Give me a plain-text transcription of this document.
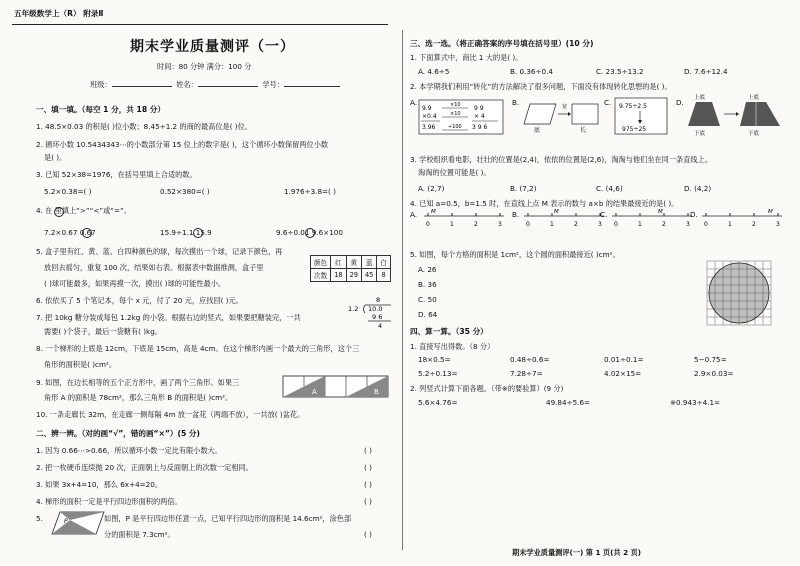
五年级数学上（R） 附录Ⅱ
期末学业质量测评（一）
时间：80 分钟 满分：100 分
班级：	姓名：	学号：
一、填一填。（每空 1 分，共 18 分）
1. 48.5×0.03 的积是( )位小数；8.45÷1.2 的商的最高位是( )位。
2. 循环小数 10.5434343⋯的小数部分第 15 位上的数字是( )，这个循环小数保留两位小数
是( )。
3. 已知 52×38=1976，在括号里填上合适的数。
5.2×0.38=( )	0.52×380=( )	1.976÷3.8=( )
4. 在 里填上“>”“<”或“=”。
7.2×0.67 0.67	15.9÷1.1 15.9	9.6÷0.01 9.6×100
5. 盒子里有红、黄、蓝、白四种颜色的球，每次摸出一个球，记录下颜色，再
放回去摇匀，重复 100 次，结果如右表。根据表中数据推测，盒子里
( )球可能最多，如果再摸一次，摸出( )球的可能性最小。
颜色	红	黄	蓝	白
次数	18	29	45	8
6. 依依买了 5 个笔记本，每个 x 元，付了 20 元，应找回( )元。
7. 把 10kg 糖分装成每包 1.2kg 的小袋。根据右边的竖式，如果要把糖装完，一共
需要( )个袋子，最后一袋糖有( )kg。
8
1.2 10.0
9 6
4
8. 一个梯形的上底是 12cm，下底是 15cm，高是 4cm。在这个梯形内画一个最大的三角形，这个三
角形的面积是( )cm²。
9. 如图，在边长相等的五个正方形中，画了两个三角形。如果三
角形 A 的面积是 78cm²，那么三角形 B 的面积是( )cm²。
A	B
10. 一条走廊长 32m，在走廊一侧每隔 4m 放一盆花（两端不放），一共放( )盆花。
二、辨一辨。（对的画“√”，错的画“×”）(5 分)
1. 因为 0.66⋯>0.66，所以循环小数一定比有限小数大。	( )
2. 把一枚硬币连续抛 20 次，正面朝上与反面朝上的次数一定相同。	( )
3. 如果 3x+4=10，那么 6x+4=20。	( )
4. 梯形的面积一定是平行四边形面积的两倍。	( )
5.	P	如图，P 是平行四边形任意一点，已知平行四边形的面积是 14.6cm²，涂色部
分的面积是 7.3cm²。	( )
三、选一选。（将正确答案的序号填在括号里）(10 分)
1. 下面算式中，商比 1 大的是( )。
A. 4.6÷5	B. 0.36÷0.4	C. 23.5÷13.2	D. 7.6÷12.4
2. 本学期我们利用“转化”的方法解决了很多问题，下面没有体现转化思想的是( )。
A.
9.9
×0.4
3.96
9 9
× 4
3 9 6
×10
×10
÷100
B.
底
宽
长
C. 9.75÷2.5
975÷25
D. 上底
下底
上底
下底
3. 学校组织看电影，壮壮的位置是(2,4)，依依的位置是(2,6)，淘淘与他们坐在同一条直线上。
淘淘的位置可能是( )。
A. (2,7)	B. (7,2)	C. (4,6)	D. (4,2)
4. 已知 a=0.5，b=1.5 时，在直线上点 M 表示的数与 a×b 的结果最接近的是( )。
A.
0	1	2	3
M	B.
0	1	2	3
M	C.
0	1	2	3
M	D.
0	1	2	3
M
5. 如图，每个方格的面积是 1cm²，这个圆的面积最接近( )cm²。
A. 26
B. 36
C. 50
D. 64
四、算一算。（35 分）
1. 直接写出得数。（8 分）
18×0.5=	0.48÷0.6=	0.01÷0.1=	5−0.75=
5.2÷0.13=	7.28÷7=	4.02×15=	2.9×0.03=
2. 列竖式计算下面各题。（带※的要验算）(9 分)
5.6×4.76=	49.84÷5.6=	※0.943÷4.1=
期末学业质量测评(一) 第 1 页(共 2 页)
